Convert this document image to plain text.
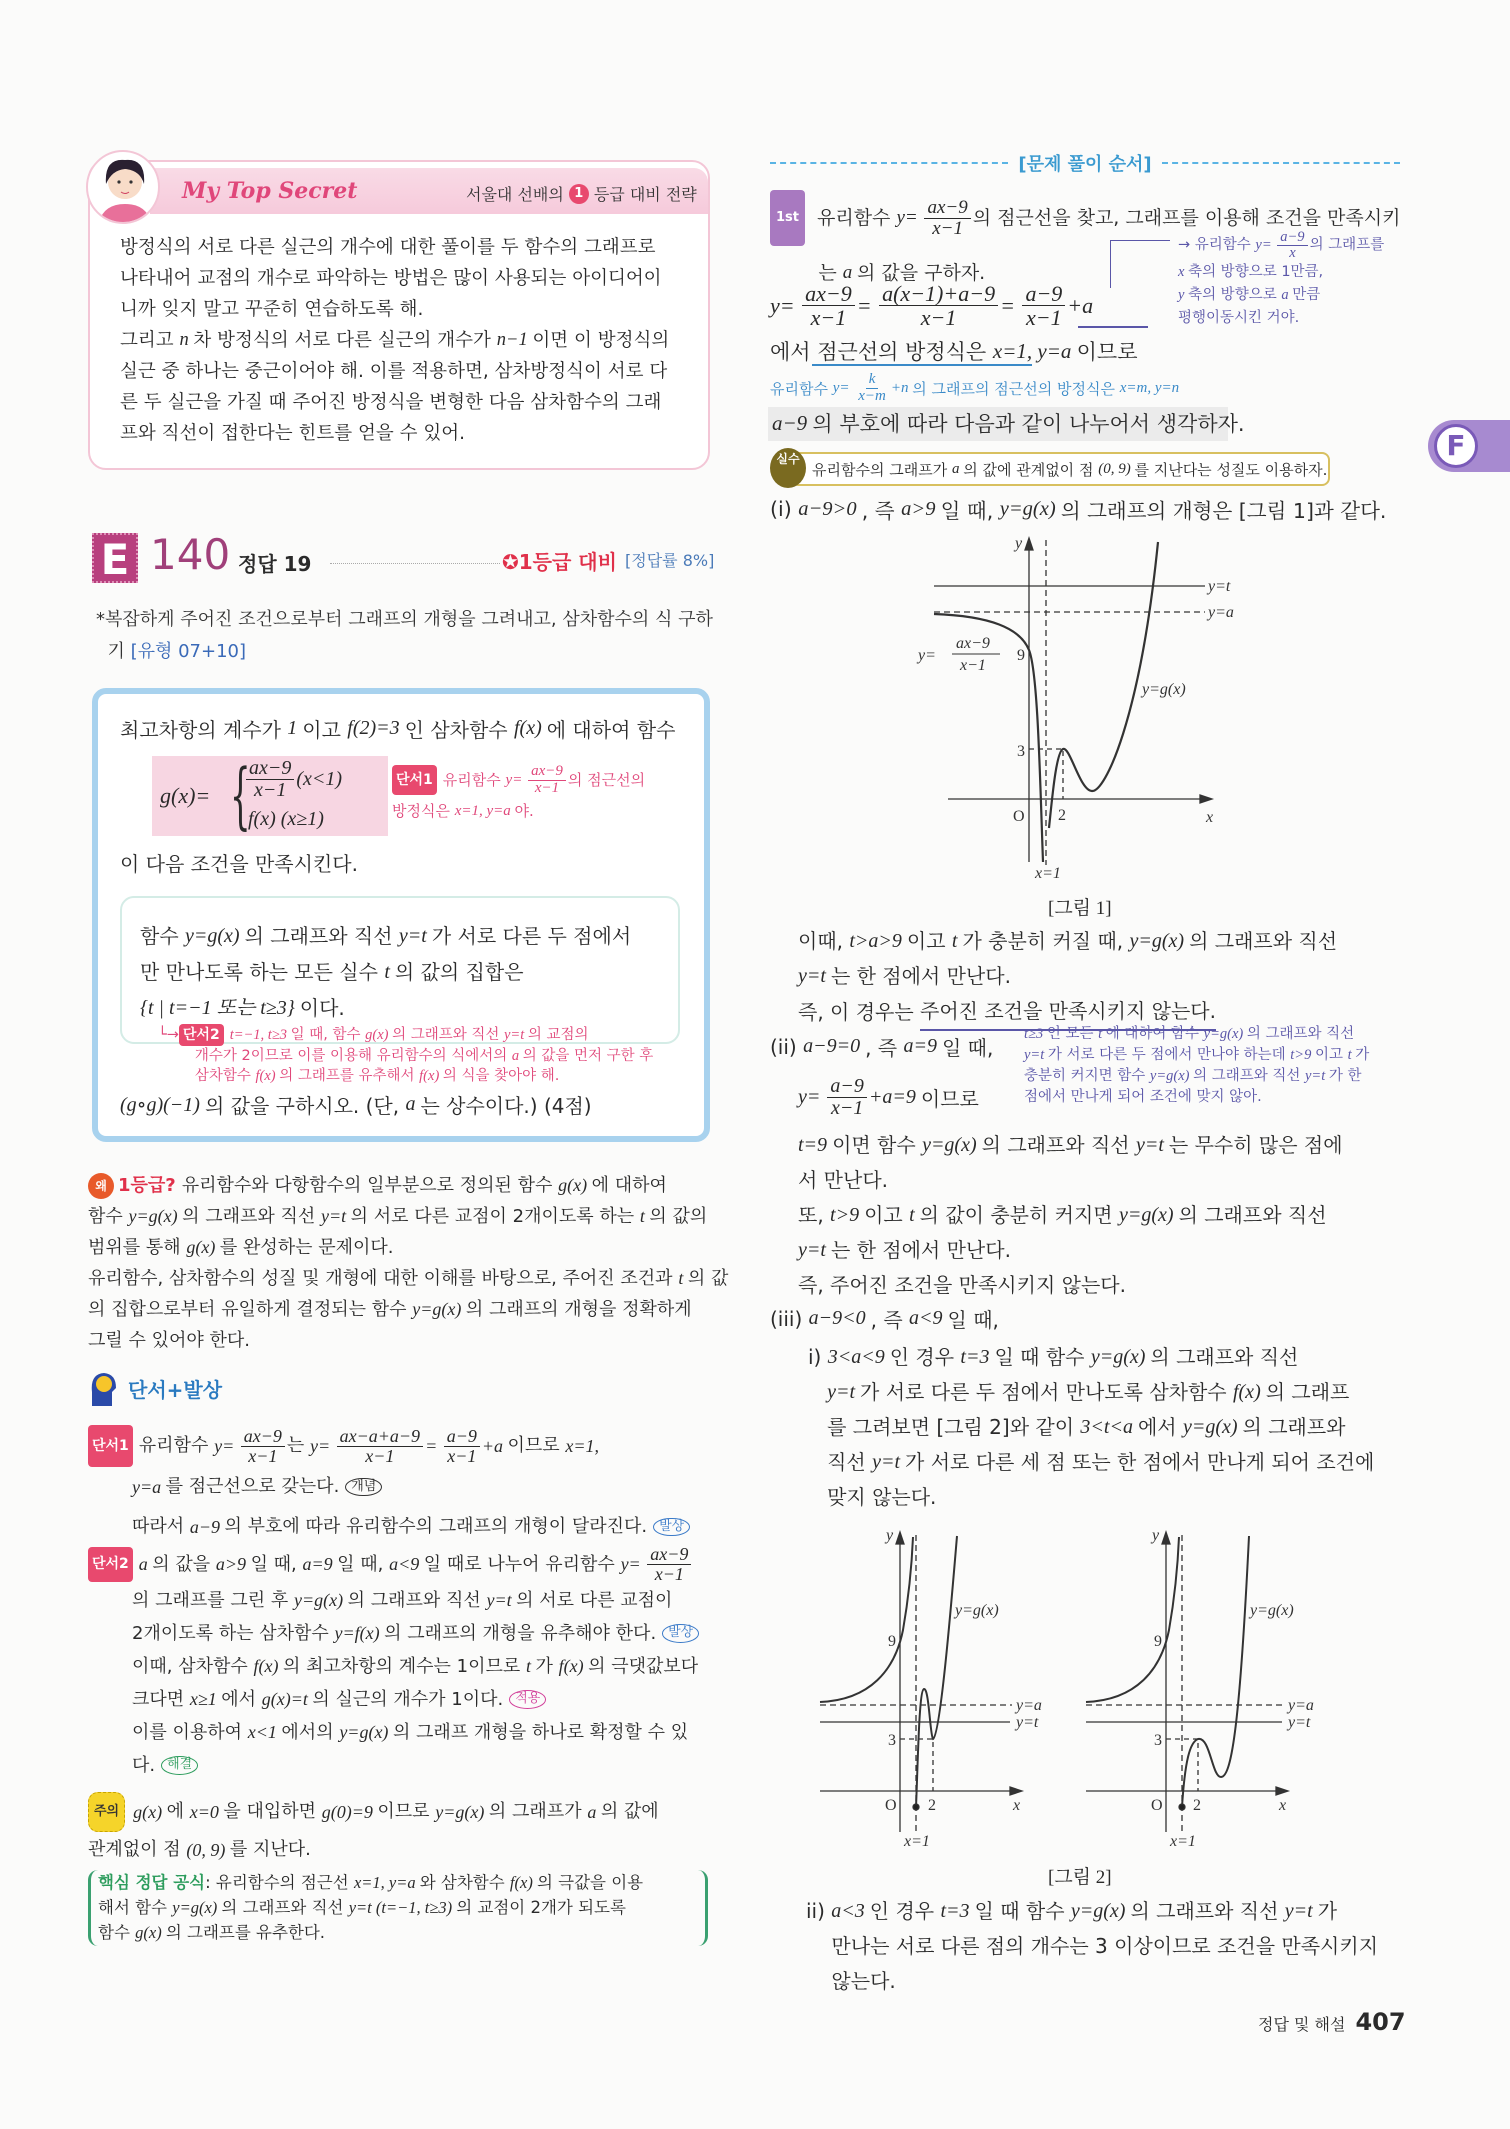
My Top Secret	서울대 선배의 1 등급 대비 전략
방정식의 서로 다른 실근의 개수에 대한 풀이를 두 함수의 그래프로
나타내어 교점의 개수로 파악하는 방법은 많이 사용되는 아이디어이
니까 잊지 말고 꾸준히 연습하도록 해.
그리고 n 차 방정식의 서로 다른 실근의 개수가 n−1 이면 이 방정식의
실근 중 하나는 중근이어야 해. 이를 적용하면, 삼차방정식이 서로 다
른 두 실근을 가질 때 주어진 방정식을 변형한 다음 삼차함수의 그래
프와 직선이 접한다는 힌트를 얻을 수 있어.
E 140 정답 19	✪1등급 대비 [정답률 8%]
*복잡하게 주어진 조건으로부터 그래프의 개형을 그려내고, 삼차함수의 식 구하
기 [유형 07+10]
최고차항의 계수가 1 이고 f(2)=3 인 삼차함수 f(x) 에 대하여 함수
g(x)= {
$\frac{ax-9}{x-1} (x<1)$
f(x) (x≥1)
단서1 유리함수 $y= \frac{ax-9}{x-1}$ 의 점근선의
방정식은 x=1, y=a 야.
이 다음 조건을 만족시킨다.
함수 y=g(x) 의 그래프와 직선 y=t 가 서로 다른 두 점에서
만 만나도록 하는 모든 실수 t 의 값의 집합은
{t | t=−1 또는 t≥3} 이다.
└→ 단서2 t=−1, t≥3 일 때, 함수 g(x) 의 그래프와 직선 y=t 의 교점의
개수가 2이므로 이를 이용해 유리함수의 식에서의 a 의 값을 먼저 구한 후
삼차함수 f(x) 의 그래프를 유추해서 f(x) 의 식을 찾아야 해.
(g∘g)(−1) 의 값을 구하시오. (단, a 는 상수이다.) (4점)
왜 1등급? 유리함수와 다항함수의 일부분으로 정의된 함수 g(x) 에 대하여
함수 y=g(x) 의 그래프와 직선 y=t 의 서로 다른 교점이 2개이도록 하는 t 의 값의
범위를 통해 g(x) 를 완성하는 문제이다.
유리함수, 삼차함수의 성질 및 개형에 대한 이해를 바탕으로, 주어진 조건과 t 의 값
의 집합으로부터 유일하게 결정되는 함수 y=g(x) 의 그래프의 개형을 정확하게
그릴 수 있어야 한다.
단서+발상
단서1 유리함수 $y= \frac{ax-9}{x-1}$ 는 $y= \frac{ax-a+a-9}{x-1} = \frac{a-9}{x-1} +a$ 이므로 x=1,
y=a 를 점근선으로 갖는다. 개념
따라서 a−9 의 부호에 따라 유리함수의 그래프의 개형이 달라진다. 발상
단서2 a 의 값을 a>9 일 때, a=9 일 때, a<9 일 때로 나누어 유리함수 $y= \frac{ax-9}{x-1}$
의 그래프를 그린 후 y=g(x) 의 그래프와 직선 y=t 의 서로 다른 교점이
2개이도록 하는 삼차함수 y=f(x) 의 그래프의 개형을 유추해야 한다. 발상
이때, 삼차함수 f(x) 의 최고차항의 계수는 1이므로 t 가 f(x) 의 극댓값보다
크다면 x≥1 에서 g(x)=t 의 실근의 개수가 1이다. 적용
이를 이용하여 x<1 에서의 y=g(x) 의 그래프 개형을 하나로 확정할 수 있
다. 해결
주의 g(x) 에 x=0 을 대입하면 g(0)=9 이므로 y=g(x) 의 그래프가 a 의 값에
관계없이 점 (0, 9) 를 지난다.
핵심 정답 공식 : 유리함수의 점근선 x=1, y=a 와 삼차함수 f(x) 의 극값을 이용
해서 함수 y=g(x) 의 그래프와 직선 y=t (t=−1, t≥3) 의 교점이 2개가 되도록
함수 g(x) 의 그래프를 유추한다.
[문제 풀이 순서]
1st 유리함수 $y= \frac{ax-9}{x-1}$ 의 점근선을 찾고, 그래프를 이용해 조건을 만족시키
는 a 의 값을 구하자.
→ 유리함수 $y= \frac{a-9}{x}$ 의 그래프를
x 축의 방향으로 1만큼,
y 축의 방향으로 a 만큼
평행이동시킨 거야.
$y= \frac{ax-9}{x-1} = \frac{a(x-1)+a-9}{x-1} = \frac{a-9}{x-1} +a$
에서 점근선의 방정식은 x=1, y=a 이므로
유리함수 $y= \frac{k}{x-m} +n$ 의 그래프의 점근선의 방정식은 x=m, y=n
a−9 의 부호에 따라 다음과 같이 나누어서 생각하자.
실수
유리함수의 그래프가 a 의 값에 관계없이 점 (0, 9) 를 지난다는 성질도 이용하자.
(i) a−9>0 , 즉 a>9 일 때, y=g(x) 의 그래프의 개형은 [그림 1]과 같다.
y
x
O
9
3
2
y=t
y=a
y=g(x)
x=1
y=
ax−9
x−1
[그림 1]
이때, t>a>9 이고 t 가 충분히 커질 때, y=g(x) 의 그래프와 직선
y=t 는 한 점에서 만난다.
즉, 이 경우는 주어진 조건을 만족시키지 않는다.
(ii) a−9=0 , 즉 a=9 일 때,
$y= \frac{a-9}{x-1} +a=9$ 이므로
t≥3 인 모든 t 에 대하여 함수 y=g(x) 의 그래프와 직선
y=t 가 서로 다른 두 점에서 만나야 하는데 t>9 이고 t 가
충분히 커지면 함수 y=g(x) 의 그래프와 직선 y=t 가 한
점에서 만나게 되어 조건에 맞지 않아.
t=9 이면 함수 y=g(x) 의 그래프와 직선 y=t 는 무수히 많은 점에
서 만난다.
또, t>9 이고 t 의 값이 충분히 커지면 y=g(x) 의 그래프와 직선
y=t 는 한 점에서 만난다.
즉, 주어진 조건을 만족시키지 않는다.
(iii) a−9<0 , 즉 a<9 일 때,
i) 3<a<9 인 경우 t=3 일 때 함수 y=g(x) 의 그래프와 직선

y=t 가 서로 다른 두 점에서 만나도록 삼차함수 f(x) 의 그래프
를 그려보면 [그림 2]와 같이 3<t<a 에서 y=g(x) 의 그래프와
직선 y=t 가 서로 다른 세 점 또는 한 점에서 만나게 되어 조건에
맞지 않는다.
y
x
O
9
3
2
y=g(x)
y=a
y=t
x=1
y
x
O
9
3
2
y=g(x)
y=a
y=t
x=1
[그림 2]
ii) a<3 인 경우 t=3 일 때 함수 y=g(x) 의 그래프와 직선 y=t 가
만나는 서로 다른 점의 개수는 3 이상이므로 조건을 만족시키지
않는다.
정답 및 해설 407
F
